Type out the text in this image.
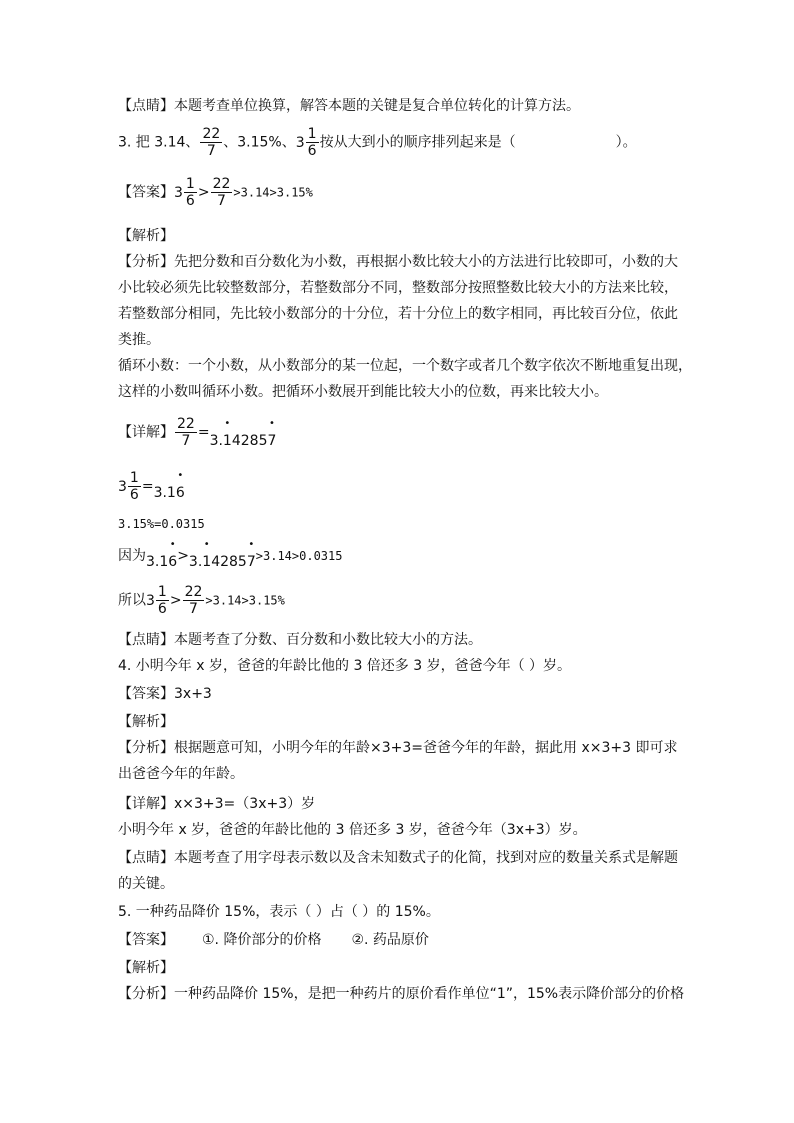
【点睛】本题考查单位换算，解答本题的关键是复合单位转化的计算方法。
3. 把 3.14、 $\frac{22}{7}$ 、3.15%、$3 \frac{1}{6}$ 按从大到小的顺序排列起来是（	）。
【答案】$3 \frac{1}{6} > \frac{22}{7} >3.14>3.15\%$
【解析】
【分析】先把分数和百分数化为小数，再根据小数比较大小的方法进行比较即可，小数的大
小比较必须先比较整数部分，若整数部分不同，整数部分按照整数比较大小的方法来比较，
若整数部分相同，先比较小数部分的十分位，若十分位上的数字相同，再比较百分位，依此
类推。
循环小数：一个小数，从小数部分的某一位起，一个数字或者几个数字依次不断地重复出现，
这样的小数叫循环小数。把循环小数展开到能比较大小的位数，再来比较大小。
【详解】 $\frac{22}{7}$ =3.• 14285• 7
$3 \frac{1}{6}$ =3.1• 6
3.15%=0.0315
因为3.1• 6>3.• 14285• 7>3.14>0.0315
所以$3 \frac{1}{6} > \frac{22}{7} >3.14>3.15\%$
【点睛】本题考查了分数、百分数和小数比较大小的方法。
4. 小明今年 x 岁，爸爸的年龄比他的 3 倍还多 3 岁，爸爸今年（ ）岁。
【答案】3x+3
【解析】
【分析】根据题意可知，小明今年的年龄×3+3=爸爸今年的年龄，据此用 x×3+3 即可求
出爸爸今年的年龄。
【详解】x×3+3=（3x+3）岁
小明今年 x 岁，爸爸的年龄比他的 3 倍还多 3 岁，爸爸今年（3x+3）岁。
【点睛】本题考查了用字母表示数以及含未知数式子的化简，找到对应的数量关系式是解题
的关键。
5. 一种药品降价 15%，表示（ ）占（ ）的 15%。
【答案】 ①. 降价部分的价格 ②. 药品原价
【解析】
【分析】一种药品降价 15%，是把一种药片的原价看作单位“1”，15%表示降价部分的价格
